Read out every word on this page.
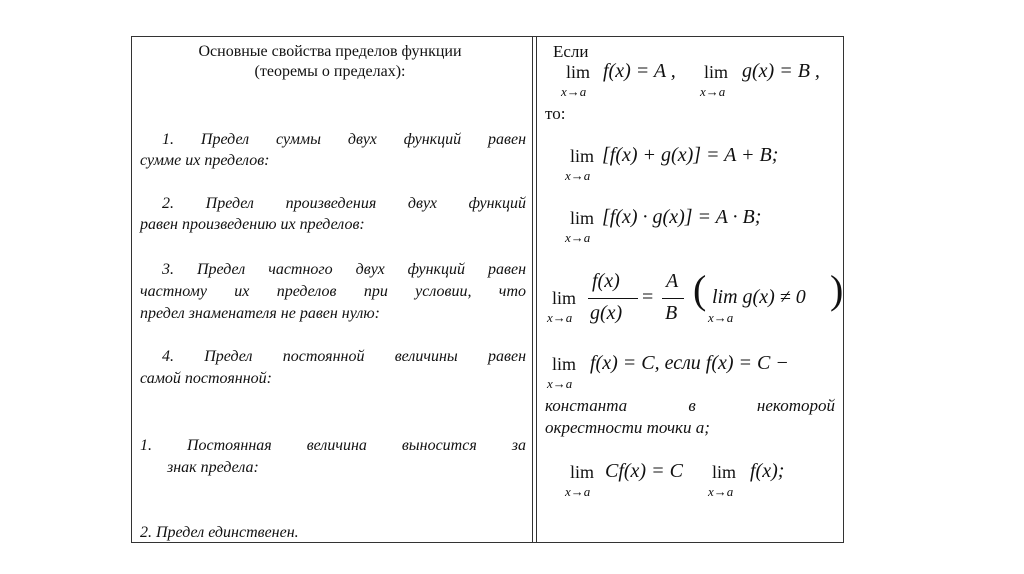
Основные свойства пределов функции
(теоремы о пределах):
1. Предел суммы двух функций равен
сумме их пределов:
2. Предел произведения двух функций
равен произведению их пределов:
3. Предел частного двух функций равен
частному их пределов при условии, что
предел знаменателя не равен нулю:
4. Предел постоянной величины равен
самой постоянной:
1. Постоянная величина выносится за
знак предела:
2. Предел единственен.
Если
lim
x→a
f(x) = A , lim
x→a
g(x) = B ,
то:
lim
x→a
[f(x) + g(x)] = A + B;
lim
x→a
[f(x) · g(x)] = A · B;
lim
x→a
f(x)
g(x)
=
A
B
( lim g(x) ≠ 0
x→a
)
lim
x→a
f(x) = C, если f(x) = C −
константа в некоторой
окрестности точки a;
lim
x→a
Cf(x) = C lim
x→a
f(x);
